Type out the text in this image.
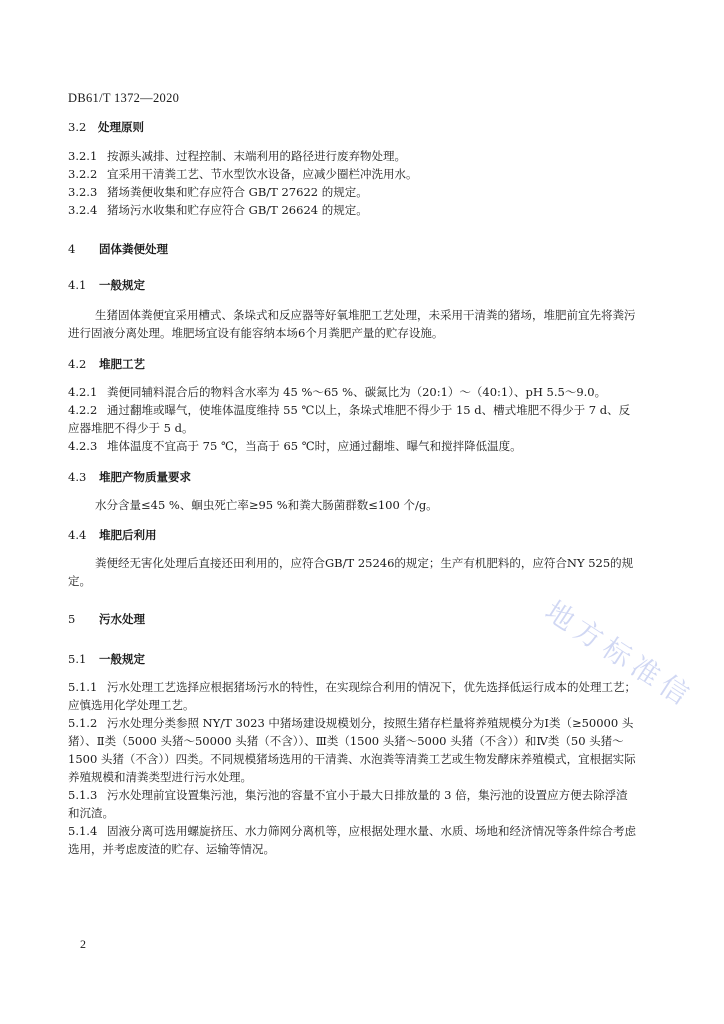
DB61/T 1372—2020
3.2 处理原则
3.2.1 按源头减排、过程控制、末端利用的路径进行废弃物处理。
3.2.2 宜采用干清粪工艺、节水型饮水设备，应减少圈栏冲洗用水。
3.2.3 猪场粪便收集和贮存应符合 GB/T 27622 的规定。
3.2.4 猪场污水收集和贮存应符合 GB/T 26624 的规定。
4 固体粪便处理
4.1 一般规定
生猪固体粪便宜采用槽式、条垛式和反应器等好氧堆肥工艺处理，未采用干清粪的猪场，堆肥前宜先将粪污进行固液分离处理。堆肥场宜设有能容纳本场6个月粪肥产量的贮存设施。
4.2 堆肥工艺
4.2.1 粪便同辅料混合后的物料含水率为 45 %～65 %、碳氮比为（20:1）～（40:1）、pH 5.5～9.0。
4.2.2 通过翻堆或曝气，使堆体温度维持 55 ℃以上，条垛式堆肥不得少于 15 d、槽式堆肥不得少于 7 d、反应器堆肥不得少于 5 d。
4.2.3 堆体温度不宜高于 75 ℃，当高于 65 ℃时，应通过翻堆、曝气和搅拌降低温度。
4.3 堆肥产物质量要求
水分含量≤45 %、蛔虫死亡率≥95 %和粪大肠菌群数≤100 个/g。
4.4 堆肥后利用
粪便经无害化处理后直接还田利用的，应符合GB/T 25246的规定；生产有机肥料的，应符合NY 525的规定。
5 污水处理
5.1 一般规定
5.1.1 污水处理工艺选择应根据猪场污水的特性，在实现综合利用的情况下，优先选择低运行成本的处理工艺；应慎选用化学处理工艺。
5.1.2 污水处理分类参照 NY/T 3023 中猪场建设规模划分，按照生猪存栏量将养殖规模分为Ⅰ类（≥50000 头猪）、Ⅱ类（5000 头猪～50000 头猪（不含））、Ⅲ类（1500 头猪～5000 头猪（不含））和Ⅳ类（50 头猪～1500 头猪（不含））四类。不同规模猪场选用的干清粪、水泡粪等清粪工艺或生物发酵床养殖模式，宜根据实际养殖规模和清粪类型进行污水处理。
5.1.3 污水处理前宜设置集污池，集污池的容量不宜小于最大日排放量的 3 倍，集污池的设置应方便去除浮渣和沉渣。
5.1.4 固液分离可选用螺旋挤压、水力筛网分离机等，应根据处理水量、水质、场地和经济情况等条件综合考虑选用，并考虑废渣的贮存、运输等情况。
地方标准信
2
